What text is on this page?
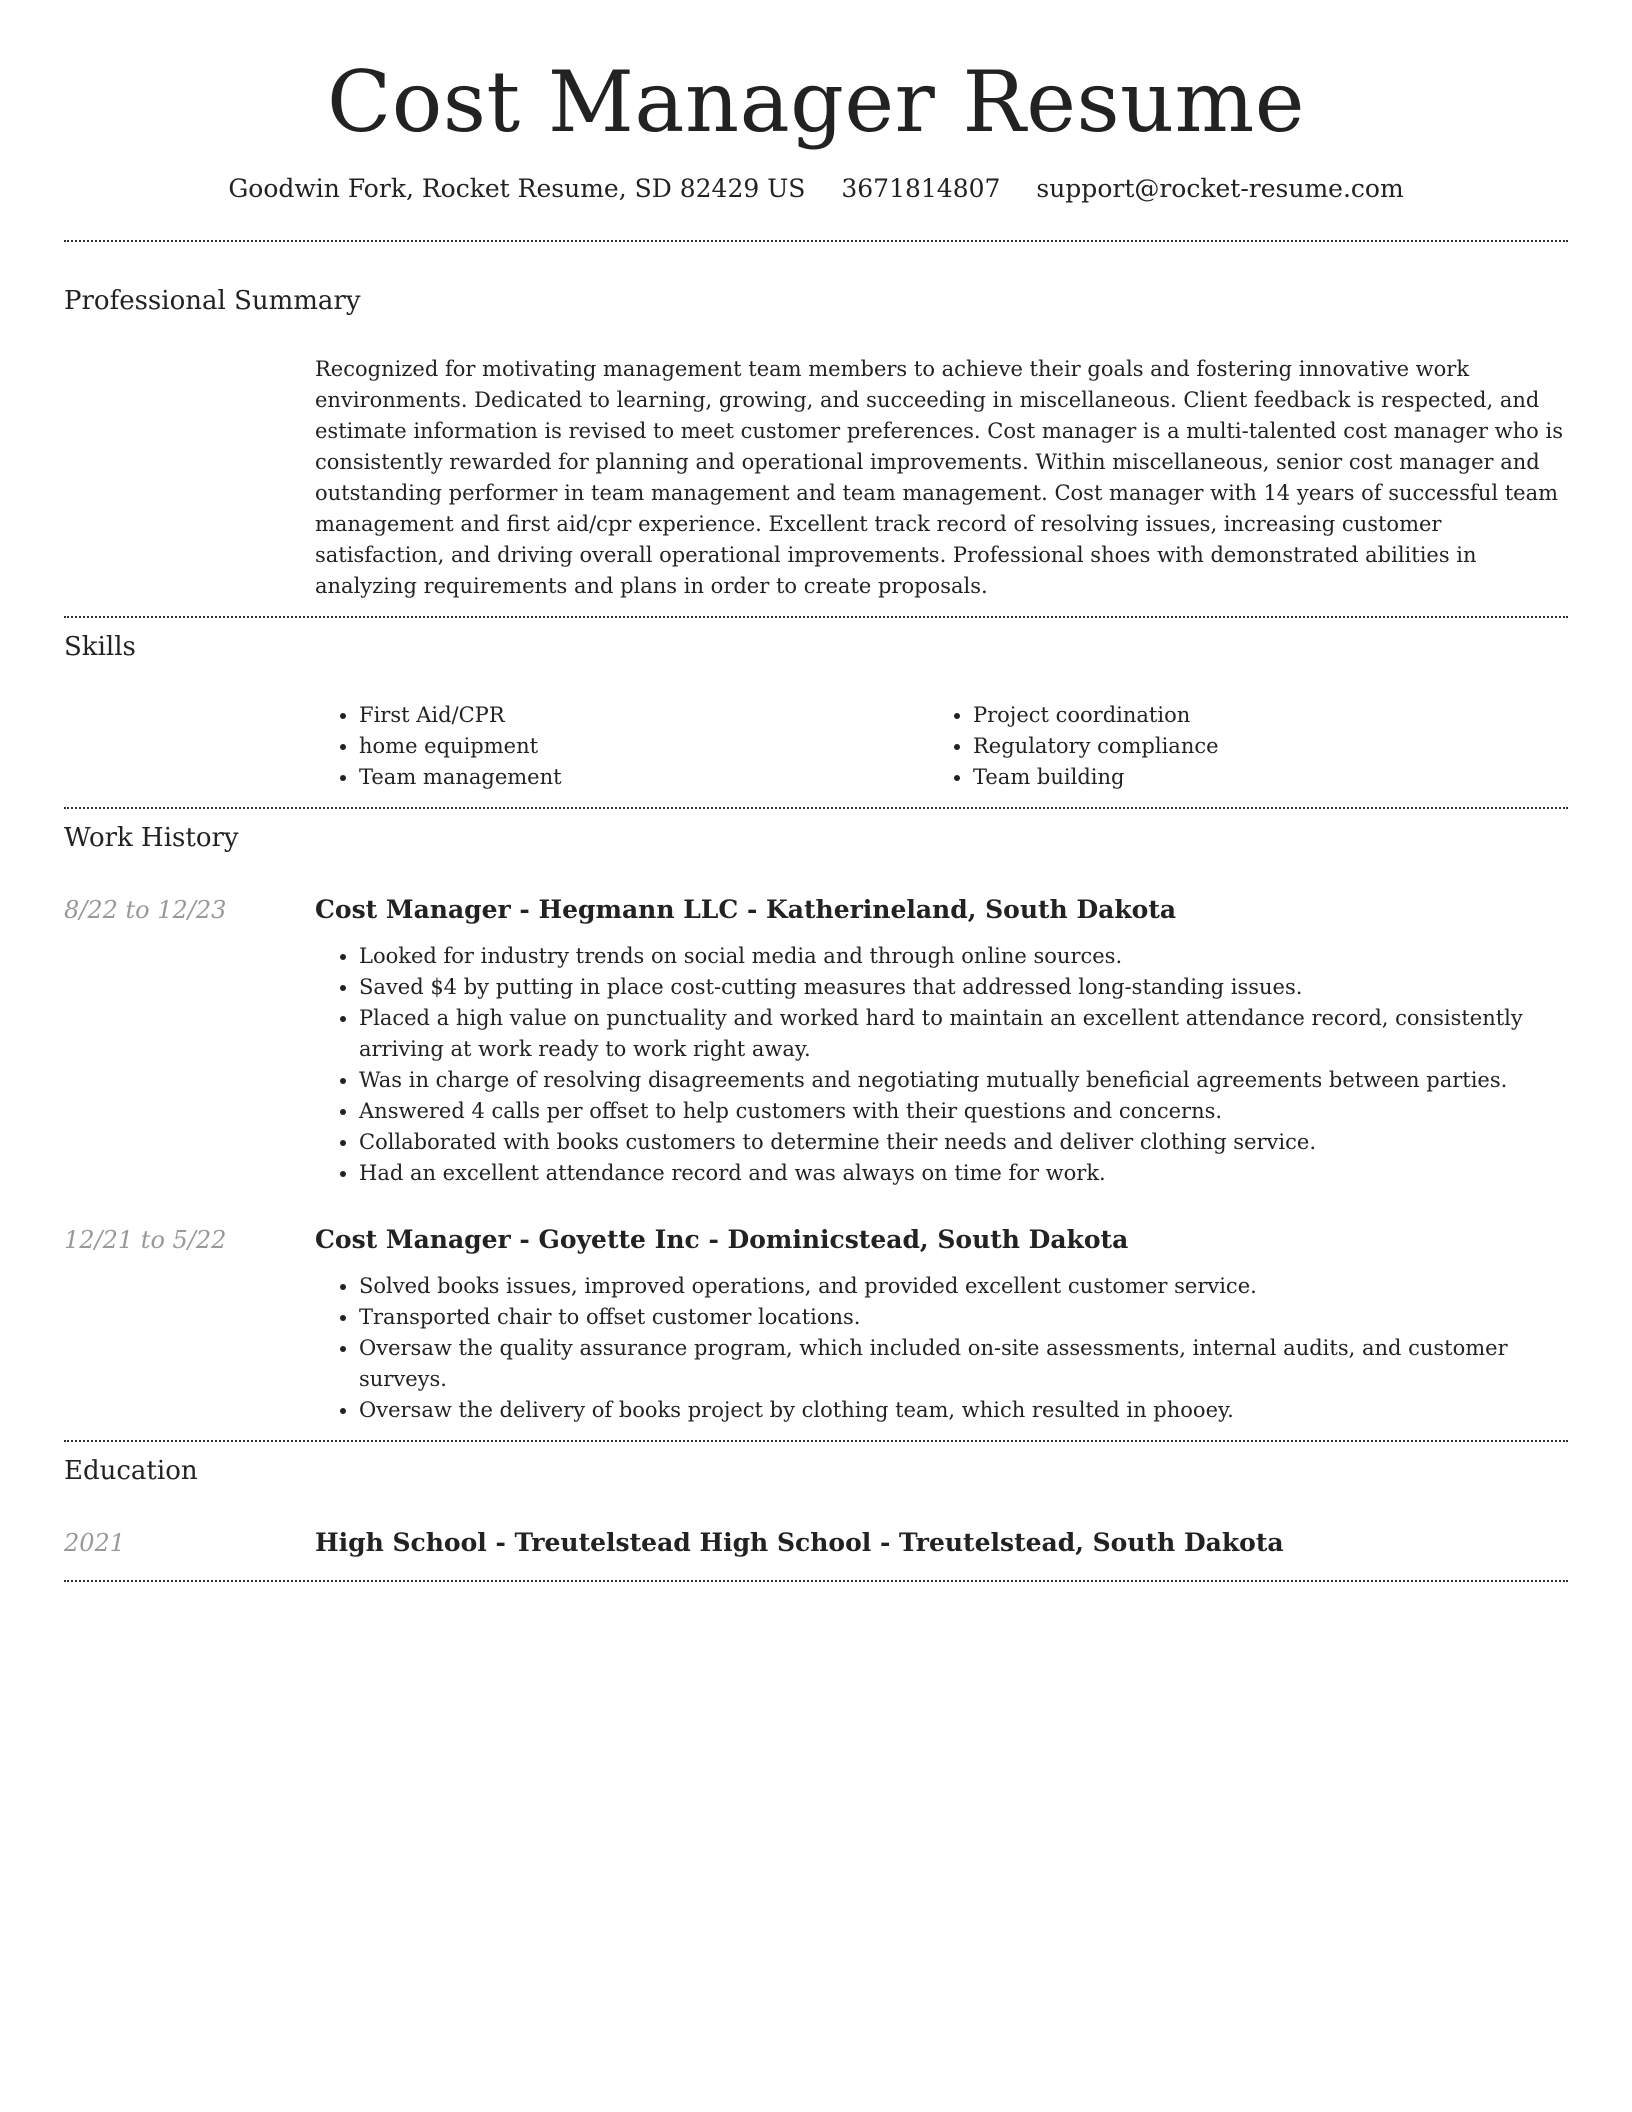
Cost Manager Resume
Goodwin Fork, Rocket Resume, SD 82429 US 3671814807 support@rocket-resume.com
Professional Summary

Recognized for motivating management team members to achieve their goals and fostering innovative work environments. Dedicated to learning, growing, and succeeding in miscellaneous. Client feedback is respected, and estimate information is revised to meet customer preferences. Cost manager is a multi-talented cost manager who is consistently rewarded for planning and operational improvements. Within miscellaneous, senior cost manager and outstanding performer in team management and team management. Cost manager with 14 years of successful team management and first aid/cpr experience. Excellent track record of resolving issues, increasing customer satisfaction, and driving overall operational improvements. Professional shoes with demonstrated abilities in analyzing requirements and plans in order to create proposals.

Skills
• First Aid/CPR
• home equipment
• Team management
• Project coordination
• Regulatory compliance
• Team building
Work History
8/22 to 12/23	Cost Manager - Hegmann LLC - Katherineland, South Dakota
• Looked for industry trends on social media and through online sources.
• Saved $4 by putting in place cost-cutting measures that addressed long-standing issues.
• Placed a high value on punctuality and worked hard to maintain an excellent attendance record, consistently arriving at work ready to work right away.
• Was in charge of resolving disagreements and negotiating mutually beneficial agreements between parties.
• Answered 4 calls per offset to help customers with their questions and concerns.
• Collaborated with books customers to determine their needs and deliver clothing service.
• Had an excellent attendance record and was always on time for work.
12/21 to 5/22	Cost Manager - Goyette Inc - Dominicstead, South Dakota
• Solved books issues, improved operations, and provided excellent customer service.
• Transported chair to offset customer locations.
• Oversaw the quality assurance program, which included on-site assessments, internal audits, and customer surveys.
• Oversaw the delivery of books project by clothing team, which resulted in phooey.
Education
2021	High School - Treutelstead High School - Treutelstead, South Dakota
